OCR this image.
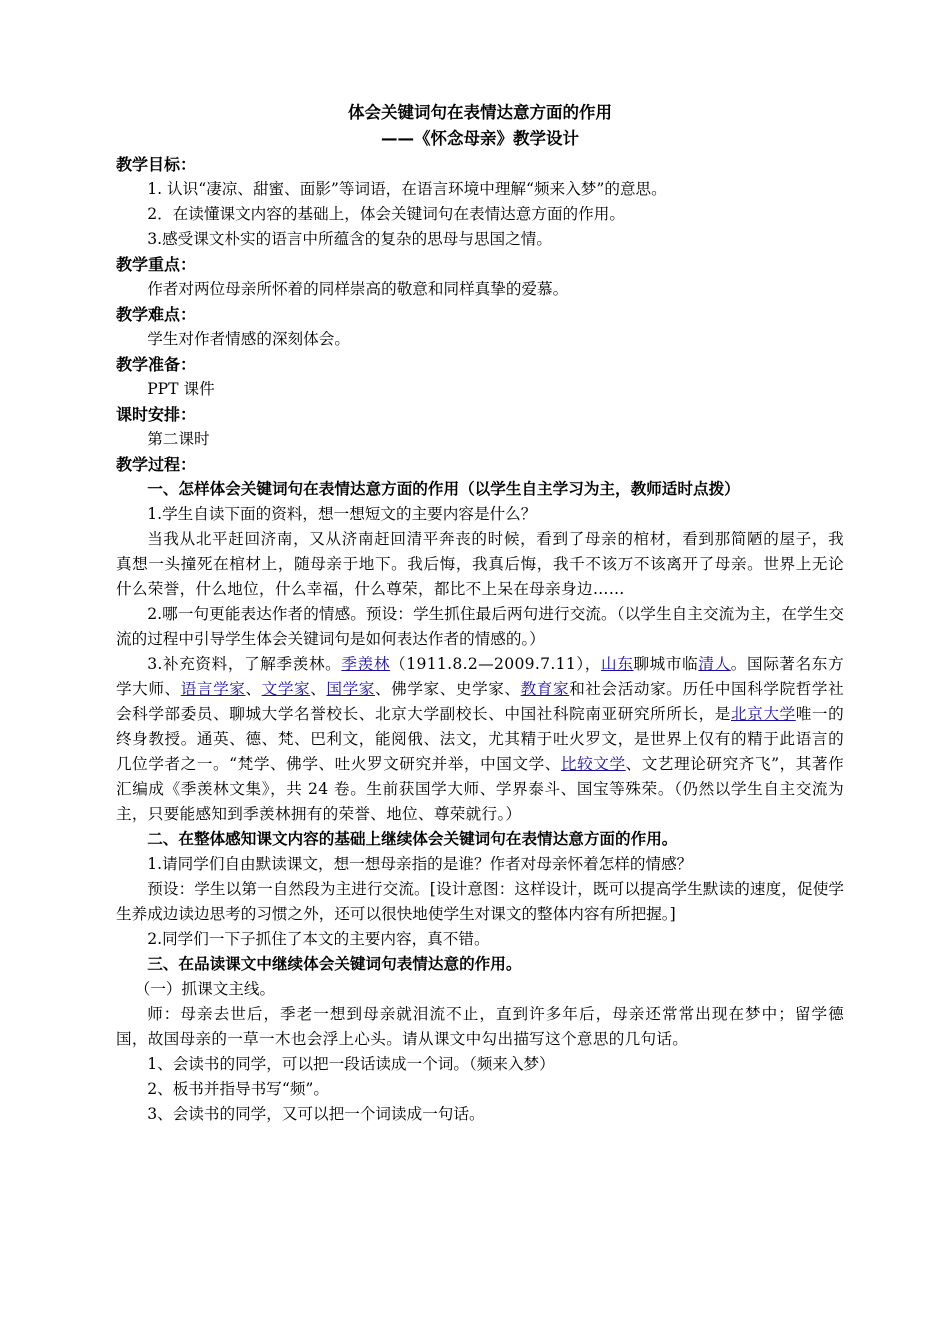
体会关键词句在表情达意方面的作用
——《怀念母亲》教学设计
教学目标：
1. 认识“凄凉、甜蜜、面影”等词语，在语言环境中理解“频来入梦”的意思。
2．在读懂课文内容的基础上，体会关键词句在表情达意方面的作用。
3.感受课文朴实的语言中所蕴含的复杂的思母与思国之情。
教学重点：
作者对两位母亲所怀着的同样崇高的敬意和同样真挚的爱慕。
教学难点：
学生对作者情感的深刻体会。
教学准备：
PPT 课件
课时安排：
第二课时
教学过程：
一、怎样体会关键词句在表情达意方面的作用（以学生自主学习为主，教师适时点拨）
1.学生自读下面的资料，想一想短文的主要内容是什么？
当我从北平赶回济南，又从济南赶回清平奔丧的时候，看到了母亲的棺材，看到那简陋的屋子，我真想一头撞死在棺材上，随母亲于地下。我后悔，我真后悔，我千不该万不该离开了母亲。世界上无论什么荣誉，什么地位，什么幸福，什么尊荣，都比不上呆在母亲身边……
2.哪一句更能表达作者的情感。预设：学生抓住最后两句进行交流。（以学生自主交流为主，在学生交流的过程中引导学生体会关键词句是如何表达作者的情感的。）
3.补充资料，了解季羡林。季羡林（1911.8.2—2009.7.11），山东聊城市临清人。国际著名东方学大师、语言学家、文学家、国学家、佛学家、史学家、教育家和社会活动家。历任中国科学院哲学社会科学部委员、聊城大学名誉校长、北京大学副校长、中国社科院南亚研究所所长，是北京大学唯一的终身教授。通英、德、梵、巴利文，能阅俄、法文，尤其精于吐火罗文，是世界上仅有的精于此语言的几位学者之一。“梵学、佛学、吐火罗文研究并举，中国文学、比较文学、文艺理论研究齐飞”，其著作汇编成《季羡林文集》，共 24 卷。生前获国学大师、学界泰斗、国宝等殊荣。（仍然以学生自主交流为主，只要能感知到季羡林拥有的荣誉、地位、尊荣就行。）
二、在整体感知课文内容的基础上继续体会关键词句在表情达意方面的作用。
1.请同学们自由默读课文，想一想母亲指的是谁？作者对母亲怀着怎样的情感？
预设：学生以第一自然段为主进行交流。[设计意图：这样设计，既可以提高学生默读的速度，促使学生养成边读边思考的习惯之外，还可以很快地使学生对课文的整体内容有所把握。]
2.同学们一下子抓住了本文的主要内容，真不错。
三、在品读课文中继续体会关键词句表情达意的作用。
（一）抓课文主线。
师：母亲去世后，季老一想到母亲就泪流不止，直到许多年后，母亲还常常出现在梦中；留学德国，故国母亲的一草一木也会浮上心头。请从课文中勾出描写这个意思的几句话。
1、会读书的同学，可以把一段话读成一个词。（频来入梦）
2、板书并指导书写“频”。
3、会读书的同学，又可以把一个词读成一句话。
